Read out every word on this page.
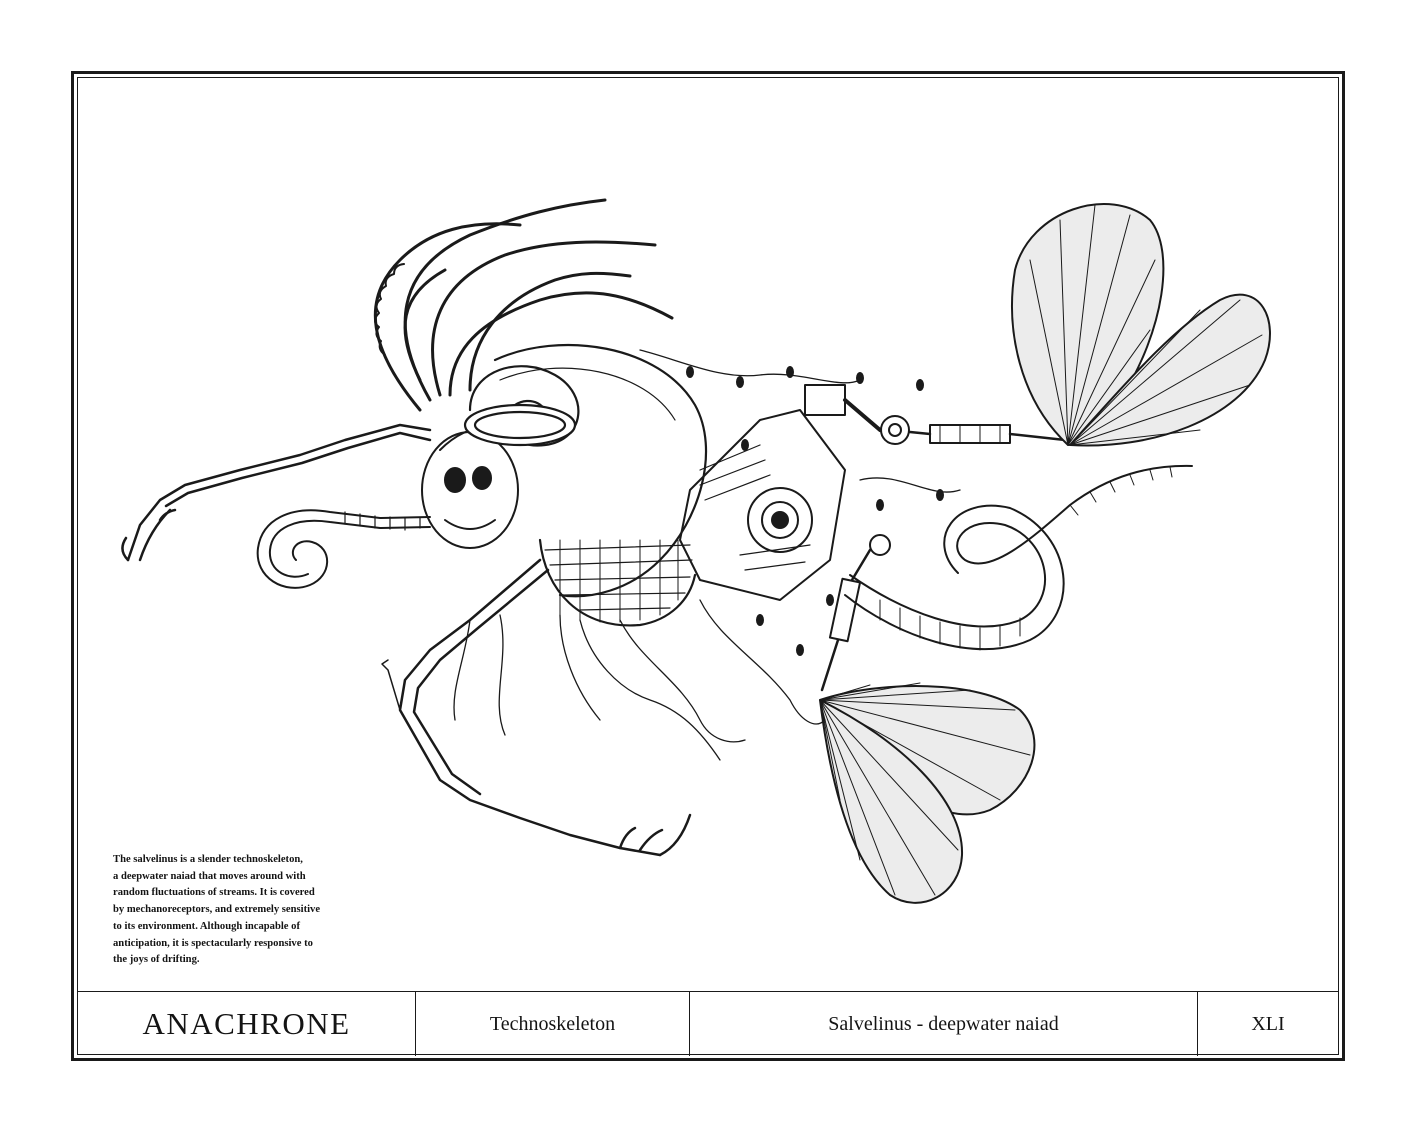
The salvelinus is a slender technoskeleton,
a deepwater naiad that moves around with
random fluctuations of streams. It is covered
by mechanoreceptors, and extremely sensitive
to its environment. Although incapable of
anticipation, it is spectacularly responsive to
the joys of drifting.
ANACHRONE	Technoskeleton	Salvelinus - deepwater naiad	XLI
